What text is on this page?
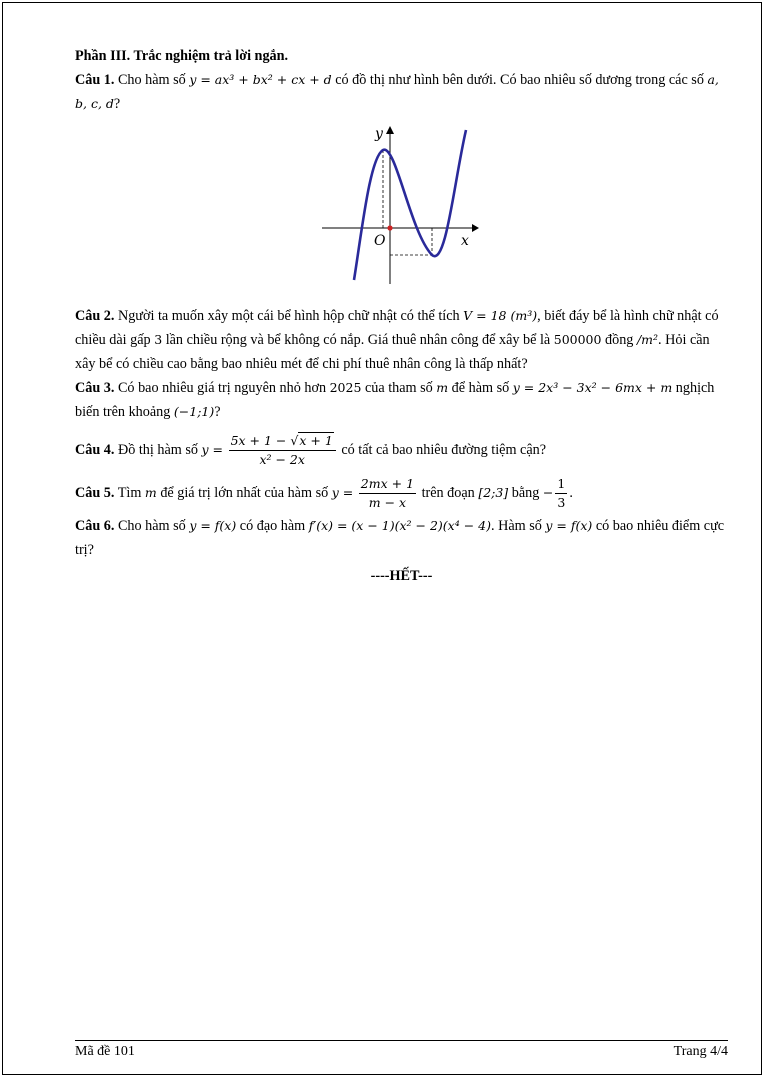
Phần III. Trắc nghiệm trả lời ngắn.

Câu 1. Cho hàm số y = ax³ + bx² + cx + d có đồ thị như hình bên dưới. Có bao nhiêu số dương trong các số a, b, c, d?

y
x
O

Câu 2. Người ta muốn xây một cái bể hình hộp chữ nhật có thể tích V = 18 (m³), biết đáy bể là hình chữ nhật có chiều dài gấp 3 lần chiều rộng và bể không có nắp. Giá thuê nhân công để xây bể là 500000 đồng /m². Hỏi cần xây bể có chiều cao bằng bao nhiêu mét để chi phí thuê nhân công là thấp nhất?

Câu 3. Có bao nhiêu giá trị nguyên nhỏ hơn 2025 của tham số m để hàm số y = 2x³ − 3x² − 6mx + m nghịch biến trên khoảng (−1;1)?

Câu 4. Đồ thị hàm số $y = \frac{5x + 1 - √x + 1}{\text{x² − 2x}}$ có tất cả bao nhiêu đường tiệm cận?

Câu 5. Tìm m để giá trị lớn nhất của hàm số $y = \frac{2mx + 1}{m - x}$ trên đoạn [2;3] bằng − $\frac{1}{3}$ .

Câu 6. Cho hàm số y = f(x) có đạo hàm f′(x) = (x − 1)(x² − 2)(x⁴ − 4). Hàm số y = f(x) có bao nhiêu điểm cực trị?

----HẾT---
Mã đề 101	Trang 4/4
